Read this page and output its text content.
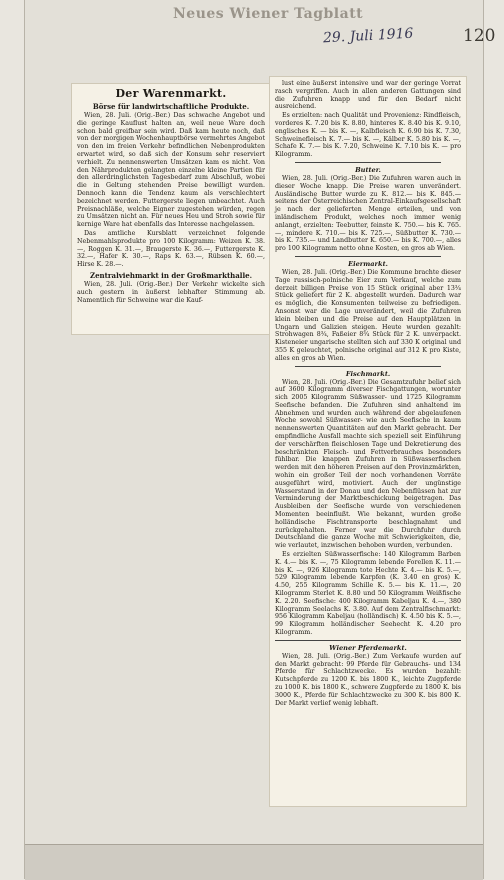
Neues Wiener Tagblatt
29. Juli 1916	120
Der Warenmarkt.
Börse für landwirtschaftliche Produkte.

Wien, 28. Juli. (Orig.-Ber.) Das schwache Angebot und die geringe Kauflust halten an, weil neue Ware doch schon bald greifbar sein wird. Daß kam heute noch, daß von der morgigen Wochenhauptbörse vermehrtes Angebot von den im freien Verkehr befindlichen Nebenprodukten erwartet wird, so daß sich der Konsum sehr reserviert verhielt. Zu nennenswerten Umsätzen kam es nicht. Von den Nährprodukten gelangten einzelne kleine Partien für den allerdringlichsten Tagesbedarf zum Abschluß, wobei die in Geltung stehenden Preise bewilligt wurden. Dennoch kann die Tendenz kaum als verschlechtert bezeichnet werden. Futtergerste liegen unbeachtet. Auch Preisnachläße, welche Eigner zugestehen würden, regen zu Umsätzen nicht an. Für neues Heu und Stroh sowie für kernige Ware hat ebenfalls das Interesse nachgelassen.

Das amtliche Kursblatt verzeichnet folgende Nebenmahlsprodukte pro 100 Kilogramm: Weizen K. 38.—, Roggen K. 31.—, Braugerste K. 36.—, Futtergerste K. 32.—, Hafer K. 30.—, Raps K. 63.—, Rübsen K. 60.—, Hirse K. 28.—.

Zentralviehmarkt in der Großmarkthalle.

Wien, 28. Juli. (Orig.-Ber.) Der Verkehr wickelte sich auch gestern in äußerst lebhafter Stimmung ab. Namentlich für Schweine war die Kauf-

lust eine äußerst intensive und war der geringe Vorrat rasch vergriffen. Auch in allen anderen Gattungen sind die Zufuhren knapp und für den Bedarf nicht ausreichend.

Es erzielten: nach Qualität und Provenienz: Rindfleisch, vorderes K. 7.20 bis K. 8.80, hinteres K. 8.40 bis K. 9.10, englisches K. — bis K. —, Kalbfleisch K. 6.90 bis K. 7.30, Schweinefleisch K. 7.— bis K. —, Kälber K. 5.80 bis K. —, Schafe K. 7.— bis K. 7.20, Schweine K. 7.10 bis K. — pro Kilogramm.

Butter.

Wien, 28. Juli. (Orig.-Ber.) Die Zufuhren waren auch in dieser Woche knapp. Die Preise waren unverändert. Ausländische Butter wurde zu K. 812.— bis K. 845.— seitens der Österreichischen Zentral-Einkaufsgesellschaft je nach der gelieferten Menge erteilen, und von inländischem Produkt, welches noch immer wenig anlangt, erzielten: Teebutter, feinste K. 750.— bis K. 765.—, mindere K. 710.— bis K. 725.—, Süßbutter K. 730.— bis K. 735.— und Landbutter K. 650.— bis K. 700.—, alles pro 100 Kilogramm netto ohne Kosten, en gros ab Wien.

Eiermarkt.

Wien, 28. Juli. (Orig.-Ber.) Die Kommune brachte dieser Tage russisch-polnische Eier zum Verkauf, welche zum derzeit billigen Preise von 15 Stück original aber 13¾ Stück geliefert für 2 K. abgestellt wurden. Dadurch war es möglich, die Konsumenten teilweise zu befriedigen. Ansonst war die Lage unverändert, weil die Zufuhren klein bleiben und die Preise auf den Hauptplätzen in Ungarn und Galizien steigen. Heute wurden gezahlt: Strohwagen 8¾, Faßeier 8¾ Stück für 2 K. unverpackt. Kisteneier ungarische stellten sich auf 330 K original und 355 K geleuchtet, polnische original auf 312 K pro Kiste, alles en gros ab Wien.

Fischmarkt.

Wien, 28. Juli. (Orig.-Ber.) Die Gesamtzufuhr belief sich auf 3600 Kilogramm diverser Fischgattungen, worunter sich 2005 Kilogramm Süßwasser- und 1725 Kilogramm Seefische befanden. Die Zufuhren sind anhaltend im Abnehmen und wurden auch während der abgelaufenen Woche sowohl Süßwasser- wie auch Seefische in kaum nennenswerten Quantitäten auf den Markt gebracht. Der empfindliche Ausfall machte sich speziell seit Einführung der verschärften fleischlosen Tage und Dekretierung des beschränkten Fleisch- und Fettverbrauches besonders fühlbar. Die knappen Zufuhren in Süßwasserfischen werden mit den höheren Preisen auf den Provinzmärkten, wohin ein großer Teil der noch vorhandenen Vorräte ausgeführt wird, motiviert. Auch der ungünstige Wasserstand in der Donau und den Nebenflüssen hat zur Verminderung der Marktbeschickung beigetragen. Das Ausbleiben der Seefische wurde von verschiedenen Momenten beeinflußt. Wie bekannt, wurden große holländische Fischtransporte beschlagnahmt und zurückgehalten. Ferner war die Durchfuhr durch Deutschland die ganze Woche mit Schwierigkeiten, die, wie verlautet, inzwischen behoben wurden, verbunden.

Es erzielten Süßwasserfische: 140 Kilogramm Barben K. 4.— bis K. —, 75 Kilogramm lebende Forellen K. 11.— bis K. —, 926 Kilogramm tote Hechte K. 4.— bis K. 5.—, 529 Kilogramm lebende Karpfen (K. 3.40 en gros) K. 4.50, 255 Kilogramm Schille K. 5.— bis K. 11.—, 20 Kilogramm Sterlet K. 8.80 und 50 Kilogramm Weißfische K. 2.20. Seefische: 400 Kilogramm Kabeljau K. 4.—, 380 Kilogramm Seelachs K. 3.80. Auf dem Zentralfischmarkt: 956 Kilogramm Kabeljau (holländisch) K. 4.50 bis K. 5.—, 99 Kilogramm holländischer Seehecht K. 4.20 pro Kilogramm.

Wiener Pferdemarkt.

Wien, 28. Juli. (Orig.-Ber.) Zum Verkaufe wurden auf den Markt gebracht: 99 Pferde für Gebrauchs- und 134 Pferde für Schlachtzwecke. Es wurden bezahlt: Kutschpferde zu 1200 K. bis 1800 K., leichte Zugpferde zu 1000 K. bis 1800 K., schwere Zugpferde zu 1800 K. bis 3000 K., Pferde für Schlachtzwecke zu 300 K. bis 800 K. Der Markt verlief wenig lebhaft.
